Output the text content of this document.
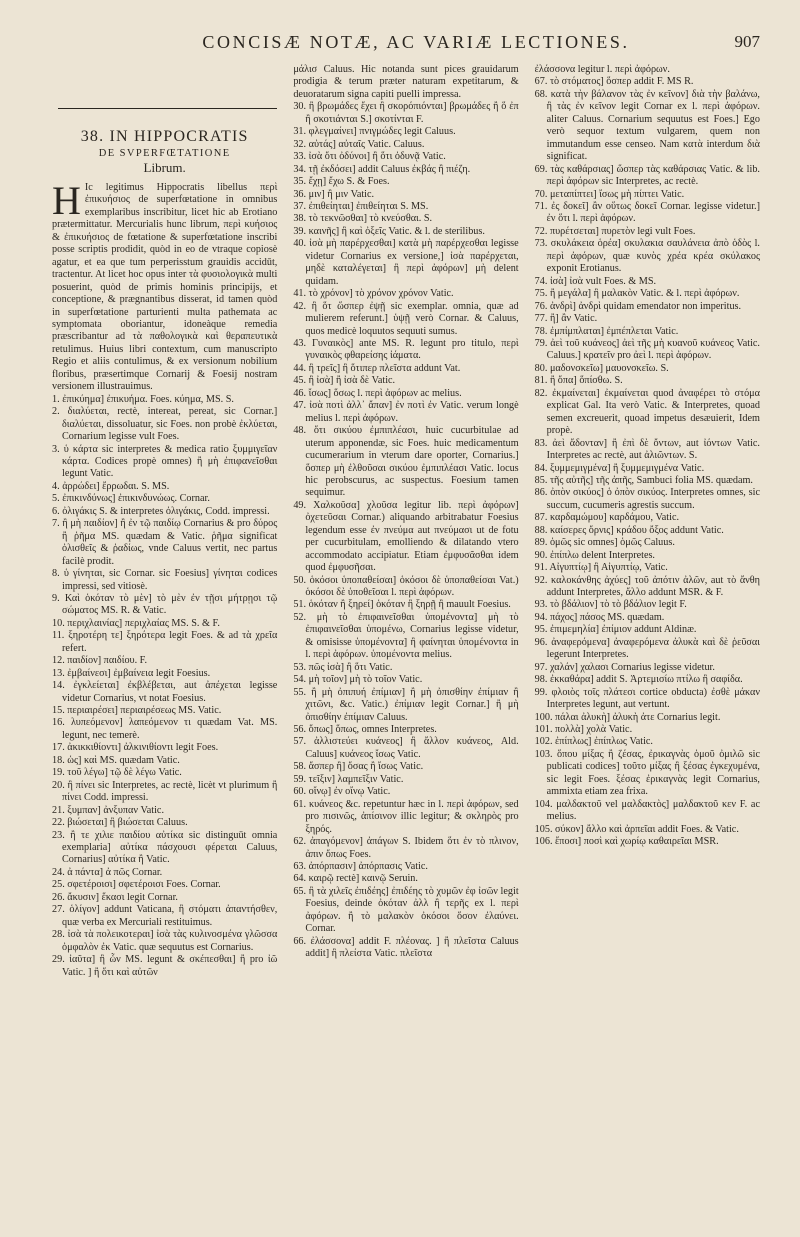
CONCISÆ NOTÆ, AC VARIÆ LECTIONES.	907
38. IN HIPPOCRATIS
DE SVPERFŒTATIONE
Librum.

H Ic legitimus Hippocratis libellus περὶ ἐπικυήσιος de superfœtatione in omnibus exemplaribus inscribitur, licet hic ab Erotiano prætermittatur. Mercurialis hunc librum, περὶ κυήσιος & ἐπικυήσιος de fœtatione & superfœtatione inscribi posse scriptis prodidit, quòd in eo de vtraque copiosè agatur, et ea que tum perperisstum grauidis accidūt, tractentur. At licet hoc opus inter τὰ φυσιολογικὰ multi posuerint, quòd de primis hominis principijs, et conceptione, & prægnantibus disserat, id tamen quòd in superfœtatione parturienti multa pathemata ac symptomata oboriantur, idoneàque remedia præscribantur ad τὰ παθολογικὰ καὶ θεραπευτικὰ retulimus. Huius libri contextum, cum manuscripto Regio et aliis contulimus, & ex versionum nobilium floribus, præsertimque Cornarij & Foesij nostram versionem illustrauimus.

1. ἐπικύημα] ἐπικυήμα. Foes. κύημα, MS. S.

2. διαλύεται, rectè, intereat, pereat, sic Cornar.] διαλύεται, dissoluatur, sic Foes. non probè ἐκλύεται, Cornarium legisse vult Foes.

3. ὑ κάρτα sic interpretes & medica ratio ξυμμιγεῖαν κάρτα. Codices propè omnes) ἢ μὴ ἐπιφανεῖσθαι legunt Vatic.

4. ἀρρώδει] ἔρρωδαι. S. MS.

5. ἐπικινδύνως] ἐπικινδυνώως. Cornar.

6. ὀλιγάκις S. & interpretes ὀλιγάκις, Codd. impressi.

7. ἢ μὴ παιδίον] ἢ ἐν τῷ παιδίῳ Cornarius & pro δύρος ἢ ῥῆμα MS. quædam & Vatic. ῥῆμα significat ὀλισθεῖς & ῥαδίως, vnde Caluus vertit, nec partus facilè prodit.

8. ὑ γίνηται, sic Cornar. sic Foesius] γίνηται codices impressi, sed vitiosè.

9. Καὶ ὁκόταν τὸ μὲν] τὸ μὲν ἐν τῇσι μήτρῃσι τῷ σώματος MS. R. & Vatic.

10. περιχλαινίας] περιχλαίας MS. S. & F.

11. ξηροτέρη τε] ξηρότερα legit Foes. & ad τὰ χρεῖα refert.

12. παιδίον] παιδίου. F.

13. ἐμβαίνεσι] ἐμβαίνεια legit Foesius.

14. ἐγκλείεται] ἐκβλέβεται, aut ἀπέχεται legisse videtur Cornarius, vt notat Foesius.

15. περιαιρέσει] περιαιρέσεως MS. Vatic.

16. λυπεόμενον] λαπεόμενον τι quædam Vat. MS. legunt, nec temerè.

17. ἀκικκιθίοντι] ἀλκινιθίοντι legit Foes.

18. ὡς] καὶ MS. quædam Vatic.

19. τοῦ λέγω] τῷ δὲ λέγω Vatic.

20. ἢ πίνει sic Interpretes, ac rectè, licèt vt plurimum ἢ πίνει Codd. impressi.

21. ξυμπαν] ἀνξυπαν Vatic.

22. βιώσεται] ἢ βιώσεται Caluus.

23. ἢ τε χιλιε παιδίου αὐτίκα sic distinguūt omnia exemplaria] αὐτίκα πάσχουσι φέρεται Caluus, Cornarius] αὐτίκα ἢ Vatic.

24. ἀ πάντα] ἀ πῶς Cornar.

25. σφετέροισι] σφετέροισι Foes. Cornar.

26. ἄκυσιν] ἕκασι legit Cornar.

27. ὁλίγον] addunt Vaticana, ἢ στόματι ἀπαντήσθεν, quæ verba ex Mercuriali restituimus.

28. ἰσὰ τὰ πολεικοτεραι] ἰσὰ τὰς κυλινοσμένα γλῶσσα ὀμφαλὸν ἐκ Vatic. quæ sequutus est Cornarius.

29. ἰαῦτα] ἢ ὧν MS. legunt & σκέπεσθαι] ἢ pro ἰῶ Vatic. ] ἢ ὅτι καὶ αὐτῶν

μάλισ Caluus. Hic notanda sunt pices grauidarum prodigia & terum præter naturam expetitarum, & deuoratarum signa capiti puelli impressa.

30. ἢ βρωμάδες ἔχει ἢ σκορόπιόνται] βρωμάδες ἢ ὅ ἐπ ἢ σκοτιάνται S.] σκοτίνται F.

31. φλεγμαίνει] πνιγμώδες legit Caluus.

32. αὐτάς] αὐταῖς Vatic. Caluus.

33. ἰσὰ ὅτι ὀδύνοι] ἢ ὅτι ὀδυνᾷ Vatic.

34. τῇ ἐκδόσει] addit Caluus ἐκβάς ἢ πιέζη.

35. ἔχῃ] ἔχω S. & Foes.

36. μιν] ἢ μιν Vatic.

37. ἐπιθείηται] ἐπιθείηται S. MS.

38. τὸ τεκνῶσθαι] τὸ κνεύσθαι. S.

39. καινῆς] ἢ καὶ ὀξεῖς Vatic. & l. de sterilibus.

40. ἰσὰ μὴ παρέρχεσθαι] κατὰ μὴ παρέρχεσθαι legisse videtur Cornarius ex versione,] ἰσὰ παρέρχεται, μηδὲ καταλέγεται] ἢ περὶ ἀφόρων] μὴ delent quidam.

41. τὸ χρόνον] τὸ χρόνον χρόνον Vatic.

42. ἢ ὅτ ὥσπερ ἐψῇ sic exemplar. omnia, quæ ad mulierem referunt.] ὑψῇ verò Cornar. & Caluus, quos medicè loquutos sequuti sumus.

43. Γυναικὸς] ante MS. R. legunt pro titulo, περὶ γυναικὸς φθαρείσης ἰάματα.

44. ἢ τρεῖς] ἢ ὅτιπερ πλεῖστα addunt Vat.

45. ἢ ἰσὰ] ἢ ἰσὰ δὲ Vatic.

46. ἴσως] ὅσως l. περὶ ἀφόρων ac melius.

47. ἰσὰ ποτὶ ἀλλ᾽ ἄπαν] ἐν ποτὶ ἐν Vatic. verum longè melius l. περὶ ἀφόρων.

48. ὅτι σικύου ἐμπιπλέασι, huic cucurbitulae ad uterum apponendæ, sic Foes. huic medicamentum cucumerarium in vterum dare oporter, Cornarius.] ὅσπερ μὴ ἐλθοῦσαι σικύου ἐμπιπλέασι Vatic. locus hic perobscurus, ac suspectus. Foesium tamen sequimur.

49. Χαλκοῦσα] χλοῦσα legitur lib. περὶ ἀφόρων] ὀχετεῦσαι Cornar.) aliquando arbitrabatur Foesius legendum esse ἐν πνεύμα aut πνεύμασι ut de fotu per cucurbitulam, emolliendo & dilatando vtero accommodato accipiatur. Etiam ἐμφυσᾶσθαι idem quod ἐμφυσῆσαι.

50. ὁκόσοι ὑποπαθείσαι] ὁκόσοι δὲ ὑποπαθείσαι Vat.) ὁκόσοι δὲ ὑποθεῖσαι l. περὶ ἀφόρων.

51. ὁκόταν ἢ ξηρεί] ὁκόταν ἢ ξηρῇ ἢ mauult Foesius.

52. μὴ τὸ ἐπιφαινεῖσθαι ὑπομένοντα] μὴ τὸ ἐπιφαινεῖσθαι ὑπομένω, Cornarius legisse videtur, & omisisse ὑπομένοντα] ἢ φαίνηται ὑπομένοντα in l. περὶ ἀφόρων. ὑπομένοντα melius.

53. πῶς ἰσὰ] ἢ ὅτι Vatic.

54. μὴ τοῖον] μὴ τὸ τοῖον Vatic.

55. ἢ μὴ ὀπιπυή ἐπίμιαν] ἢ μὴ ὀπισθίην ἐπίμιαν ἢ χιτῶνι, &c. Vatic.) ἐπίμιαν legit Cornar.] ἢ μὴ ὀπισθίην ἐπίμιαν Caluus.

56. ὅπως] ὅπως, omnes Interpretes.

57. ἀλλιστεύει κυάνεος] ἢ ἄλλον κυάνεος, Ald. Caluus] κυάνεος ἴσως Vatic.

58. ἄσπερ ἢ] ὅσας ἢ ἴσως Vatic.

59. τεῖξιν] λαμπεῖξιν Vatic.

60. οἴνῳ] ἐν οἴνῳ Vatic.

61. κυάνεος &c. repetuntur hæc in l. περὶ ἀφόρων, sed pro πισινῶς, ἀπίσινον illic legitur; & σκληρὸς pro ξηρός.

62. ἀπαγόμενον] ἀπάγων S. Ibidem ὅτι ἐν τὸ πλινον, ἀπιν ὅπως Foes.

63. ἀπόρπασιν] ἀπόρπασις Vatic.

64. καιρῷ rectè] καινῷ Seruin.

65. ἢ τὰ χιλεῖς ἐπιδέης] ἐπιδέης τὸ χυμῶν ἐφ ἰσῶν legit Foesius, deinde ὀκόταν ἀλλ ἢ τερῆς ex l. περὶ ἀφόρων. ἢ τὸ μαλακὸν ὀκόσοι ὅσον ἐλαύνει. Cornar.

66. ἐλάσσονα] addit F. πλέονας. ] ἢ πλεῖστα Caluus addit] ἢ πλείστα Vatic. πλεῖστα

ἐλάσσονα legitur l. περὶ ἀφόρων.

67. τὸ στόματος] ὅσπερ addit F. MS R.

68. κατὰ τὴν βάλανον τὰς ἐν κεῖνον] διὰ τὴν βαλάνω, ἢ τὰς ἐν κεῖνον legit Cornar ex l. περὶ ἀφόρων. aliter Caluus. Cornarium sequutus est Foes.] Ego verò sequor textum vulgarem, quem non immutandum esse censeo. Nam κατὰ interdum διὰ significat.

69. τὰς καθάρσιας] ὥσπερ τὰς καθάρσιας Vatic. & lib. περὶ ἀφόρων sic Interpretes, ac rectè.

70. μεταπίπτει] ἴσως μὴ πίπτει Vatic.

71. ἐς δοκεῖ] ἂν οὕτως δοκεῖ Cornar. legisse videtur.] ἐν ὅτι l. περὶ ἀφόρων.

72. πυρέτσεται] πυρετὸν legi vult Foes.

73. σκυλάκεια ὁρέα] σκυλακια σαυλάνεια ἀπὸ ὁδὸς l. περὶ ἀφόρων, quæ κυνὸς χρέα κρέα σκύλακος exponit Erotianus.

74. ἰσὰ] ἰσὰ vult Foes. & MS.

75. ἢ μεγάλα] ἢ μαλακὸν Vatic. & l. περὶ ἀφόρων.

76. ἀνδρὶ] ἀνδρὶ quidam emendator non imperitus.

77. ἢ] ἂν Vatic.

78. ἐμπίμπλαται] ἐμπέπλεται Vatic.

79. ἀεὶ τοῦ κυάνεος] ἀεὶ τῆς μὴ κυανοῦ κυάνεος Vatic. Caluus.] κρατεῖν pro ἀεὶ l. περὶ ἀφόρων.

80. μαδονσκεῖω] μαυονσκεῖω. S.

81. ἢ ὅπα] ὅπίσθω. S.

82. ἐκμαίνεται] ἐκμαίνεται quod ἀναφέρει τὸ στόμα explicat Gal. Ita verò Vatic. & Interpretes, quoad semen excreuerit, quoad impetus desæuierit, Idem propè.

83. ἀεὶ ἄδονταν] ἢ ἐπὶ δὲ ὄντων, aut ἰόντων Vatic. Interpretes ac rectè, aut ἀλιῶντων. S.

84. ξυμμεμιγμένα] ἢ ξυμμεμιγμένα Vatic.

85. τῆς αὐτῆς] τῆς ἀπῆς, Sambuci folia MS. quædam.

86. ὀπὸν σικύος] ὁ ὀπὸν σικύος. Interpretes omnes, sic succum, cucumeris agrestis succum.

87. καρδαμώμου] καρδάμου, Vatic.

88. καίσερες ὄρνις] κράδου ὄξος addunt Vatic.

89. ὁμῶς sic omnes] ὁμῶς Caluus.

90. ἐπίπλω delent Interpretes.

91. Αἰγυπτίῳ] ἢ Αἰγυπτίῳ, Vatic.

92. καλοκάνθης ἀχύες] τοῦ ἀπότιν ἀλῶν, aut τὸ ἄνθη addunt Interpretes, ἄλλο addunt MSR. & F.

93. τὸ βδάλιον] τὸ τὸ βδάλιον legit F.

94. πάχος] πάσος MS. quædam.

95. ἐπιμεμηλία] ἐπίμιον addunt Aldinæ.

96. ἀναφερόμενα] ἀναφερόμενα ἀλυκὰ καὶ δὲ ῥεῦσαι legerunt Interpretes.

97. χαλάν] χαλασι Cornarius legisse videtur.

98. ἐκκαθάρα] addit S. Ἀρτεμισίω πτίλω ἢ σαφίδα.

99. φλοιὸς τοῖς πλάτεσι cortice obducta) ἐσθὲ μάκαν Interpretes legunt, aut vertunt.

100. πάλαι ἀλυκὴ] ἀλυκὴ ἀτε Cornarius legit.

101. πολλὰ] χολὰ Vatic.

102. ἐπίπλως] ἐπίπλως Vatic.

103. ὅπου μίξας ἢ ζέσας, ἐρικαγνὰς ὁμοῦ ὀμιλῶ sic publicati codices] τοῦτο μίξας ἢ ξέσας ἐγκεχυμένα, sic legit Foes. ξέσας ἐρικαγνὰς legit Cornarius, ammixta etiam zea frixa.

104. μαλδακτοῦ vel μαλδακτὸς] μαλδακτοῦ κεν F. ac melius.

105. σύκον] ἄλλο καὶ ἀρπεῖαι addit Foes. & Vatic.

106. ἔποσι] ποσὶ καὶ χωρίῳ καθαιρεῖαι MSR.
